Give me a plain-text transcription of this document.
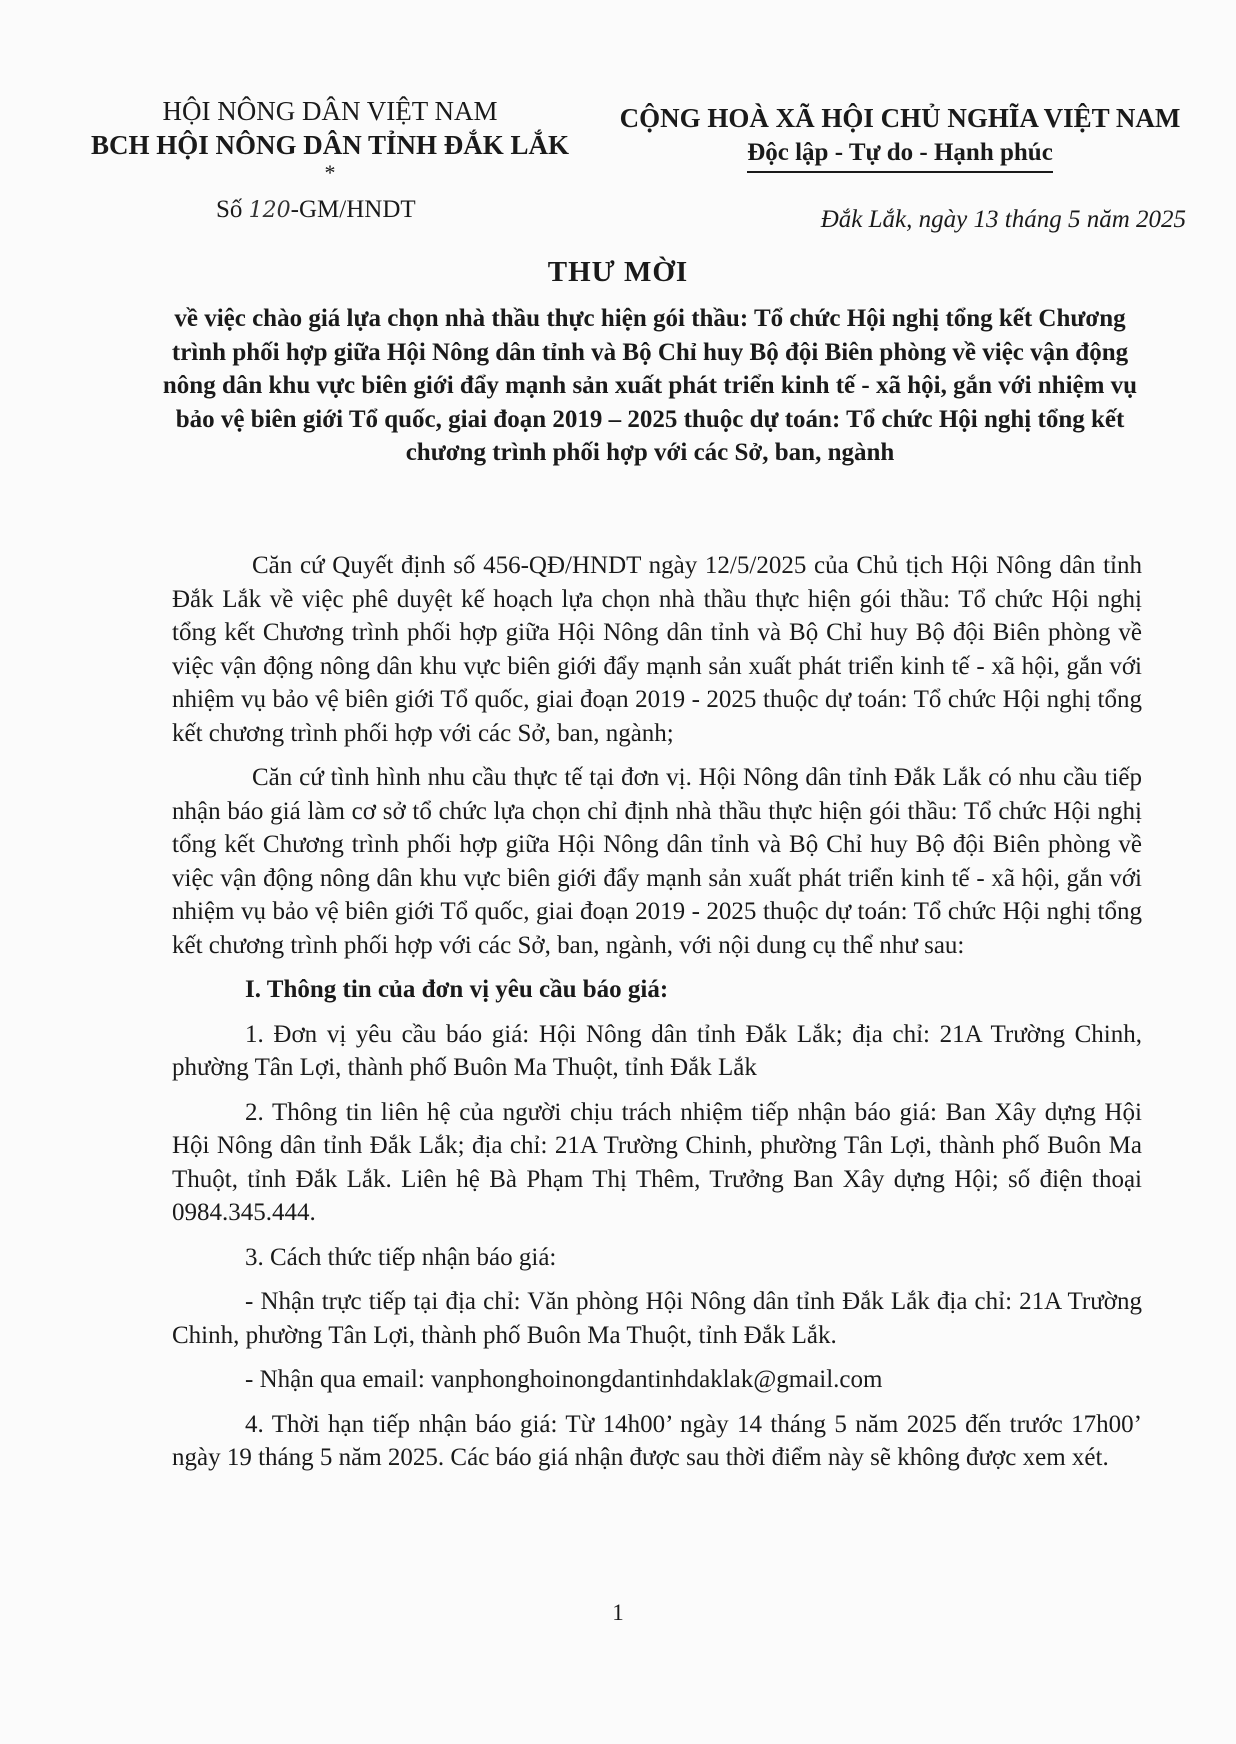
HỘI NÔNG DÂN VIỆT NAM
BCH HỘI NÔNG DÂN TỈNH ĐẮK LẮK
*
CỘNG HOÀ XÃ HỘI CHỦ NGHĨA VIỆT NAM
Độc lập - Tự do - Hạnh phúc
Số 120-GM/HNDT	Đắk Lắk, ngày 13 tháng 5 năm 2025
THƯ MỜI
về việc chào giá lựa chọn nhà thầu thực hiện gói thầu: Tổ chức Hội nghị tổng kết Chương trình phối hợp giữa Hội Nông dân tỉnh và Bộ Chỉ huy Bộ đội Biên phòng về việc vận động nông dân khu vực biên giới đẩy mạnh sản xuất phát triển kinh tế - xã hội, gắn với nhiệm vụ bảo vệ biên giới Tổ quốc, giai đoạn 2019 – 2025 thuộc dự toán: Tổ chức Hội nghị tổng kết chương trình phối hợp với các Sở, ban, ngành

Căn cứ Quyết định số 456-QĐ/HNDT ngày 12/5/2025 của Chủ tịch Hội Nông dân tỉnh Đắk Lắk về việc phê duyệt kế hoạch lựa chọn nhà thầu thực hiện gói thầu: Tổ chức Hội nghị tổng kết Chương trình phối hợp giữa Hội Nông dân tỉnh và Bộ Chỉ huy Bộ đội Biên phòng về việc vận động nông dân khu vực biên giới đẩy mạnh sản xuất phát triển kinh tế - xã hội, gắn với nhiệm vụ bảo vệ biên giới Tổ quốc, giai đoạn 2019 - 2025 thuộc dự toán: Tổ chức Hội nghị tổng kết chương trình phối hợp với các Sở, ban, ngành;

Căn cứ tình hình nhu cầu thực tế tại đơn vị. Hội Nông dân tỉnh Đắk Lắk có nhu cầu tiếp nhận báo giá làm cơ sở tổ chức lựa chọn chỉ định nhà thầu thực hiện gói thầu: Tổ chức Hội nghị tổng kết Chương trình phối hợp giữa Hội Nông dân tỉnh và Bộ Chỉ huy Bộ đội Biên phòng về việc vận động nông dân khu vực biên giới đẩy mạnh sản xuất phát triển kinh tế - xã hội, gắn với nhiệm vụ bảo vệ biên giới Tổ quốc, giai đoạn 2019 - 2025 thuộc dự toán: Tổ chức Hội nghị tổng kết chương trình phối hợp với các Sở, ban, ngành, với nội dung cụ thể như sau:

I. Thông tin của đơn vị yêu cầu báo giá:

1. Đơn vị yêu cầu báo giá: Hội Nông dân tỉnh Đắk Lắk; địa chỉ: 21A Trường Chinh, phường Tân Lợi, thành phố Buôn Ma Thuột, tỉnh Đắk Lắk

2. Thông tin liên hệ của người chịu trách nhiệm tiếp nhận báo giá: Ban Xây dựng Hội Hội Nông dân tỉnh Đắk Lắk; địa chỉ: 21A Trường Chinh, phường Tân Lợi, thành phố Buôn Ma Thuột, tỉnh Đắk Lắk. Liên hệ Bà Phạm Thị Thêm, Trưởng Ban Xây dựng Hội; số điện thoại 0984.345.444.

3. Cách thức tiếp nhận báo giá:

- Nhận trực tiếp tại địa chỉ: Văn phòng Hội Nông dân tỉnh Đắk Lắk địa chỉ: 21A Trường Chinh, phường Tân Lợi, thành phố Buôn Ma Thuột, tỉnh Đắk Lắk.

- Nhận qua email: vanphonghoinongdantinhdaklak@gmail.com

4. Thời hạn tiếp nhận báo giá: Từ 14h00’ ngày 14 tháng 5 năm 2025 đến trước 17h00’ ngày 19 tháng 5 năm 2025. Các báo giá nhận được sau thời điểm này sẽ không được xem xét.

1
